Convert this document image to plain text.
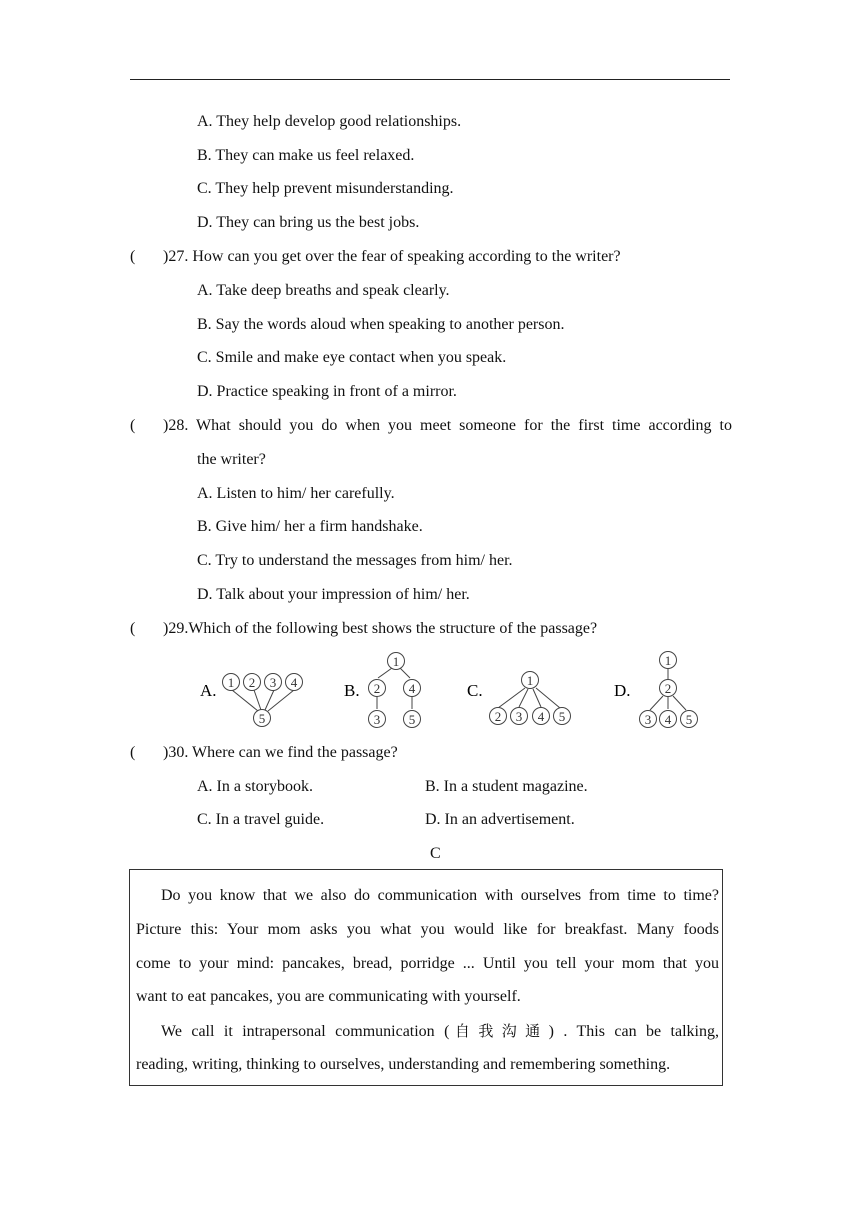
A. They help develop good relationships.
B. They can make us feel relaxed.
C. They help prevent misunderstanding.
D. They can bring us the best jobs.
( )27. How can you get over the fear of speaking according to the writer?
A. Take deep breaths and speak clearly.
B. Say the words aloud when speaking to another person.
C. Smile and make eye contact when you speak.
D. Practice speaking in front of a mirror.
( )28. What should you do when you meet someone for the first time according to
the writer?
A. Listen to him/ her carefully.
B. Give him/ her a firm handshake.
C. Try to understand the messages from him/ her.
D. Talk about your impression of him/ her.
( )29.Which of the following best shows the structure of the passage?
A.	B.	C.	D.
1 2 3 4
5
1
2 4
3 5
1
2 3 4 5
1
2
3 4 5
( )30. Where can we find the passage?
A. In a storybook.	B. In a student magazine.
C. In a travel guide.	D. In an advertisement.
C
Do you know that we also do communication with ourselves from time to time?
Picture this: Your mom asks you what you would like for breakfast. Many foods
come to your mind: pancakes, bread, porridge ... Until you tell your mom that you
want to eat pancakes, you are communicating with yourself.
We call it intrapersonal communication (自我沟通) . This can be talking,
reading, writing, thinking to ourselves, understanding and remembering something.
